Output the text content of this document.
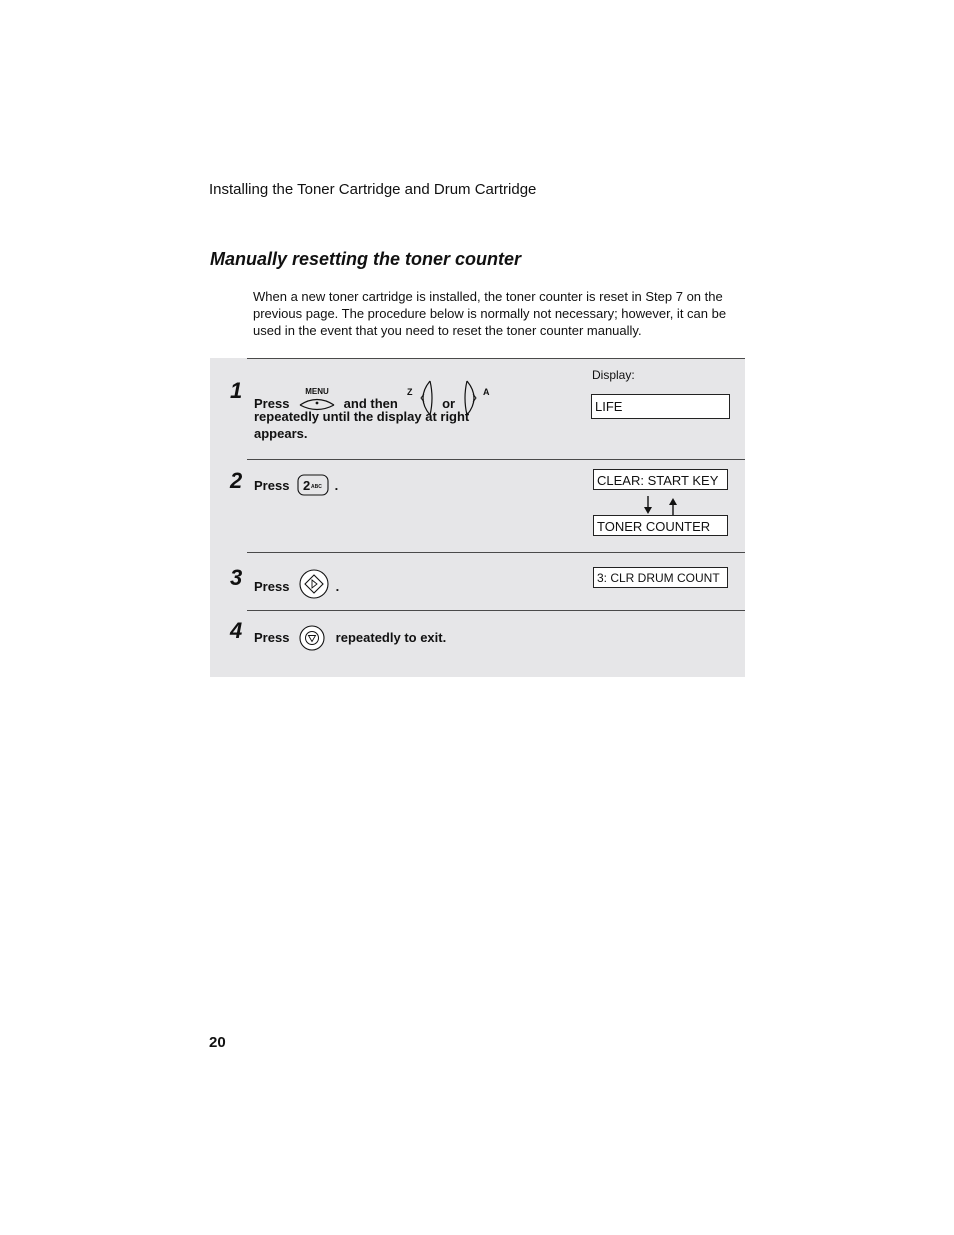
Installing the Toner Cartridge and Drum Cartridge
Manually resetting the toner counter

When a new toner cartridge is installed, the toner counter is reset in Step 7 on the previous page. The procedure below is normally not necessary; however, it can be used in the event that you need to reset the toner counter manually.

1 Press
MENU
and then
Z
or
A
repeatedly until the display at right
appears.
Display:
LIFE
2 Press 2 ABC .	CLEAR: START KEY
TONER COUNTER
3 Press	.
3: CLR DRUM COUNT
4 Press	repeatedly to exit.
20
